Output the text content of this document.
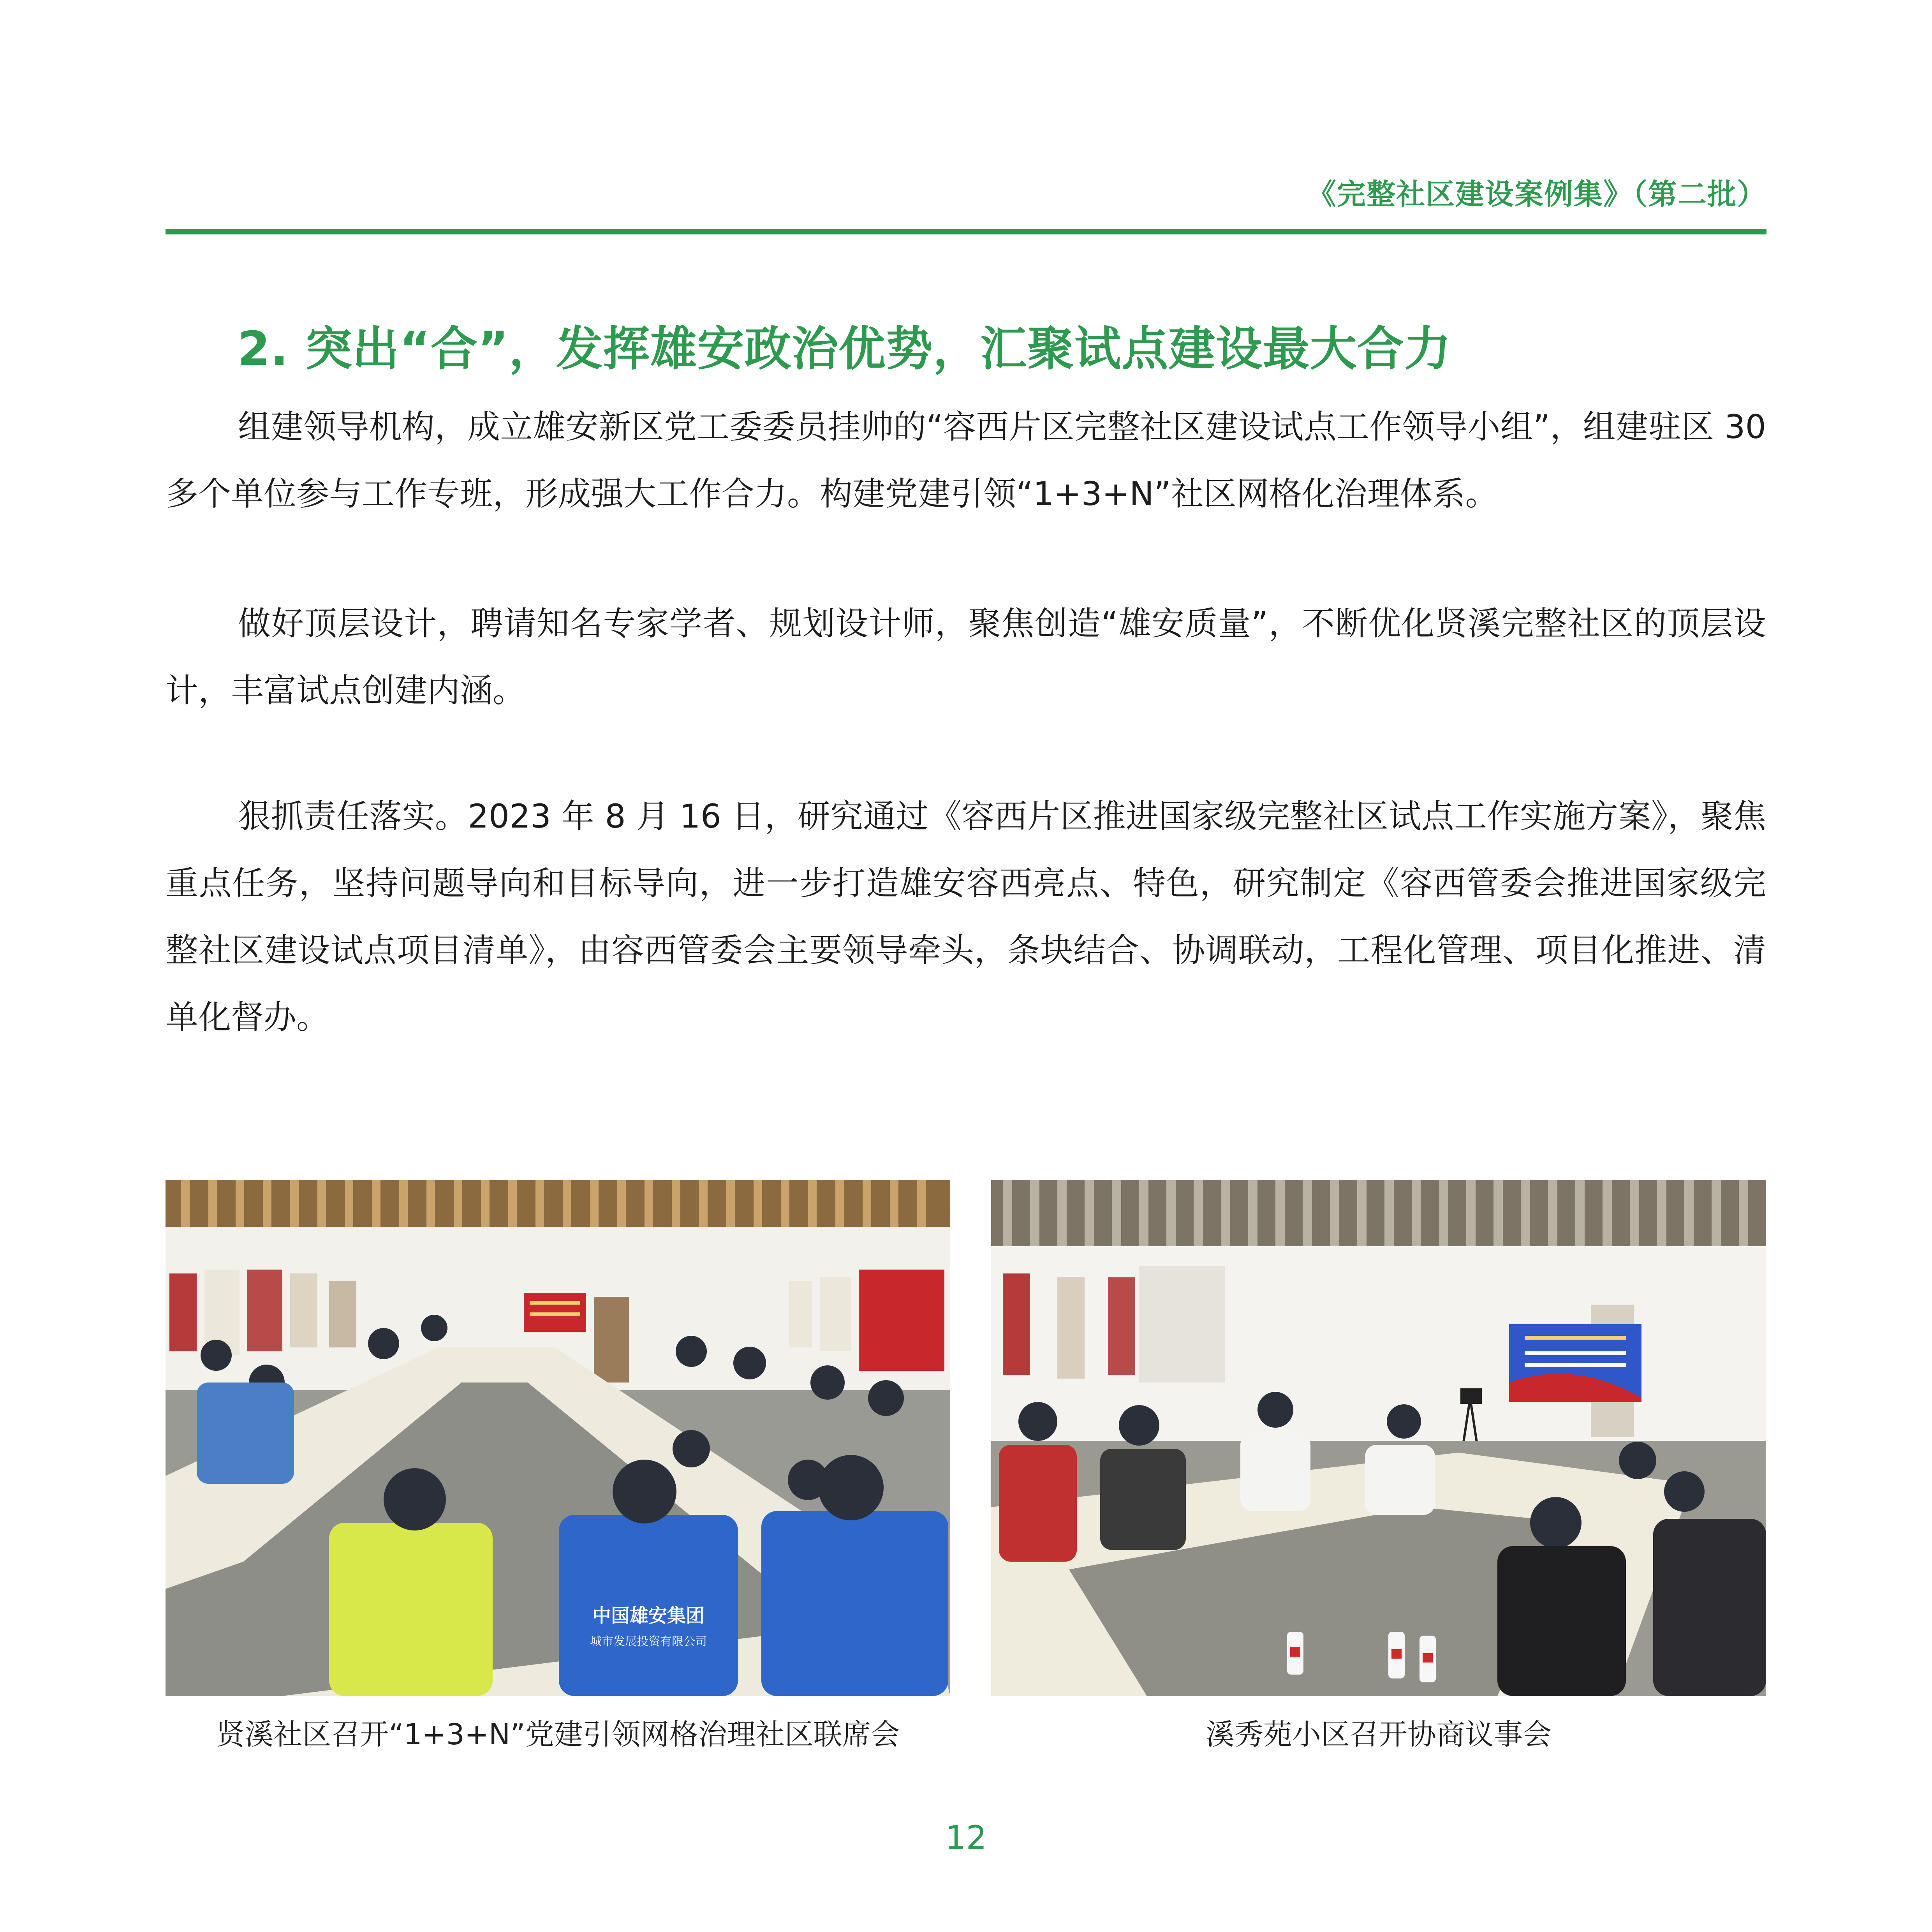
《完整社区建设案例集》（第二批）
2. 突出“合”，发挥雄安政治优势，汇聚试点建设最大合力

组建领导机构，成立雄安新区党工委委员挂帅的“容西片区完整社区建设试点工作领导小组”，组建驻区 30 多个单位参与工作专班，形成强大工作合力。构建党建引领“1+3+N”社区网格化治理体系。

做好顶层设计，聘请知名专家学者、规划设计师，聚焦创造“雄安质量”，不断优化贤溪完整社区的顶层设计，丰富试点创建内涵。

狠抓责任落实。2023 年 8 月 16 日，研究通过《容西片区推进国家级完整社区试点工作实施方案》，聚焦重点任务，坚持问题导向和目标导向，进一步打造雄安容西亮点、特色，研究制定《容西管委会推进国家级完整社区建设试点项目清单》，由容西管委会主要领导牵头，条块结合、协调联动，工程化管理、项目化推进、清单化督办。

中国雄安集团
城市发展投资有限公司
贤溪社区召开“1+3+N”党建引领网格治理社区联席会	溪秀苑小区召开协商议事会
12
